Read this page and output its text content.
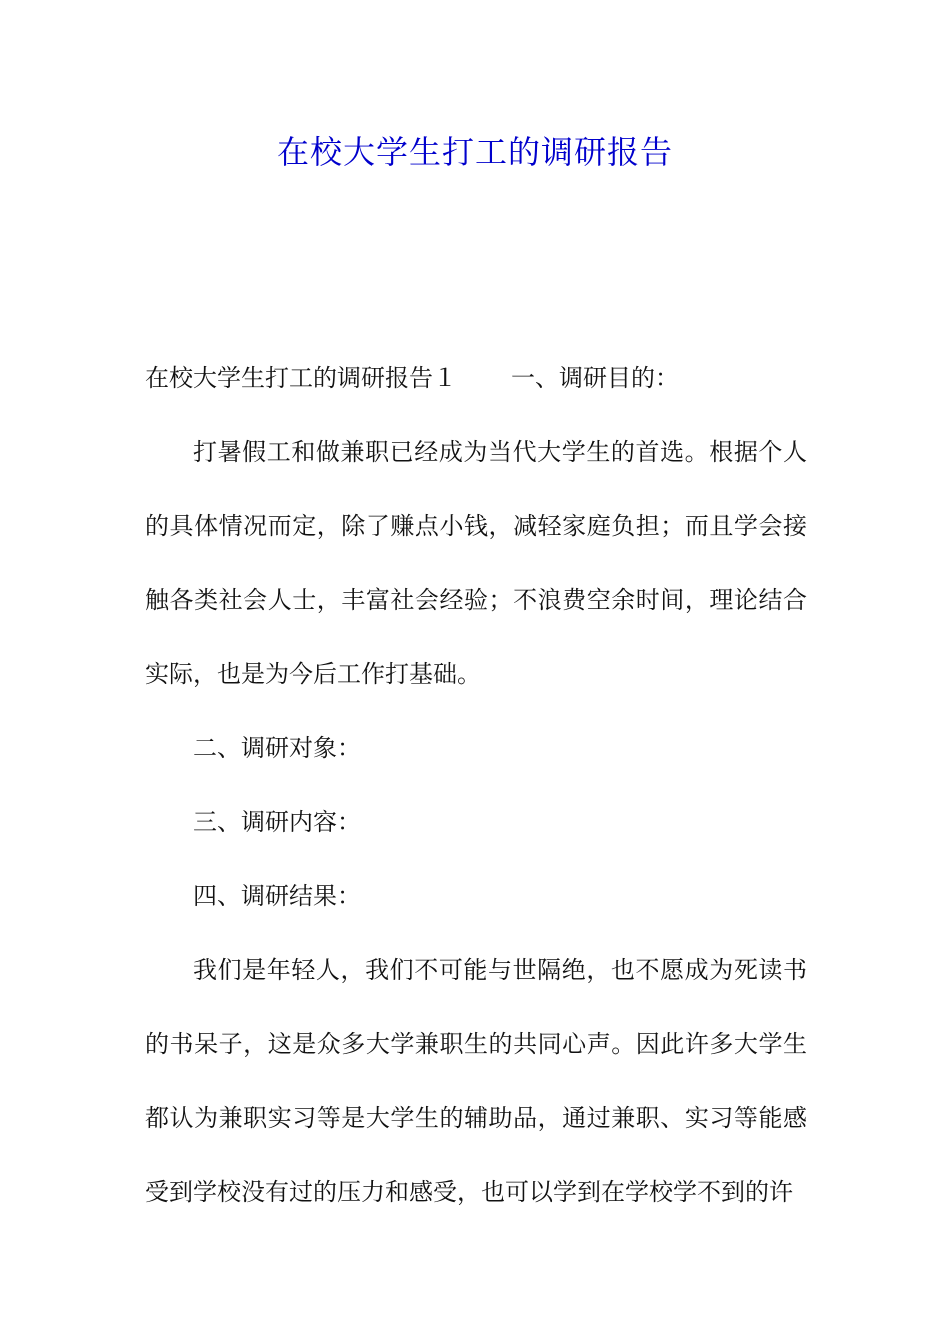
在校大学生打工的调研报告

在校大学生打工的调研报告１ 一、调研目的：

打暑假工和做兼职已经成为当代大学生的首选。根据个人的具体情况而定，除了赚点小钱，减轻家庭负担；而且学会接触各类社会人士，丰富社会经验；不浪费空余时间，理论结合实际，也是为今后工作打基础。

二、调研对象：

三、调研内容：

四、调研结果：

我们是年轻人，我们不可能与世隔绝，也不愿成为死读书的书呆子，这是众多大学兼职生的共同心声。因此许多大学生都认为兼职实习等是大学生的辅助品，通过兼职、实习等能感受到学校没有过的压力和感受，也可以学到在学校学不到的许
